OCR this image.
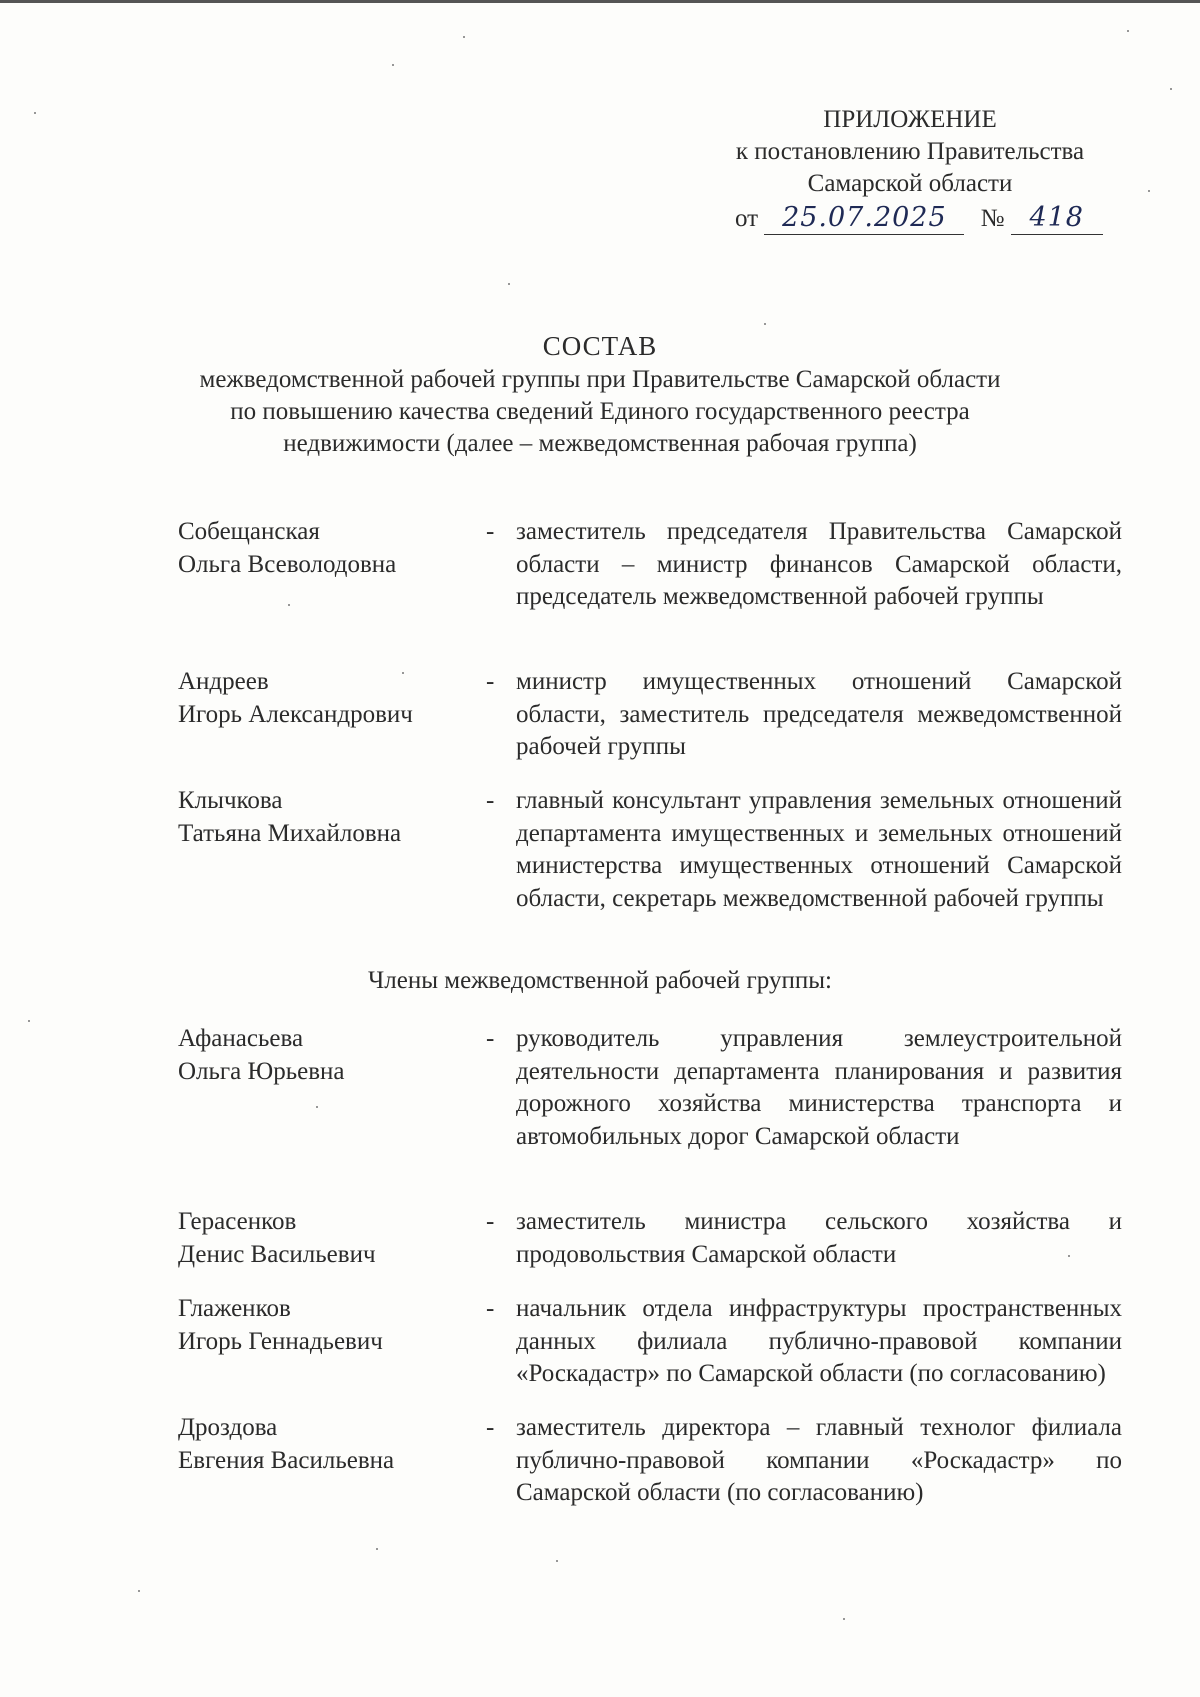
ПРИЛОЖЕНИЕ
к постановлению Правительства
Самарской области
от 25.07.2025 № 418
СОСТАВ
межведомственной рабочей группы при Правительстве Самарской области
по повышению качества сведений Единого государственного реестра
недвижимости (далее – межведомственная рабочая группа)
Собещанская
Ольга Всеволодовна
- заместитель председателя Правительства Самарской области – министр финансов Самарской области, председатель межведомственной рабочей группы
Андреев
Игорь Александрович
- министр имущественных отношений Самарской области, заместитель председателя межведомственной рабочей группы
Клычкова
Татьяна Михайловна
- главный консультант управления земельных отношений департамента имущественных и земельных отношений министерства имущественных отношений Самарской области, секретарь межведомственной рабочей группы
Члены межведомственной рабочей группы:
Афанасьева
Ольга Юрьевна
- руководитель управления землеустроительной деятельности департамента планирования и развития дорожного хозяйства министерства транспорта и автомобильных дорог Самарской области
Герасенков
Денис Васильевич
- заместитель министра сельского хозяйства и продовольствия Самарской области
Глаженков
Игорь Геннадьевич
- начальник отдела инфраструктуры пространственных данных филиала публично-правовой компании «Роскадастр» по Самарской области (по согласованию)
Дроздова
Евгения Васильевна
- заместитель директора – главный технолог филиала публично-правовой компании «Роскадастр» по Самарской области (по согласованию)
